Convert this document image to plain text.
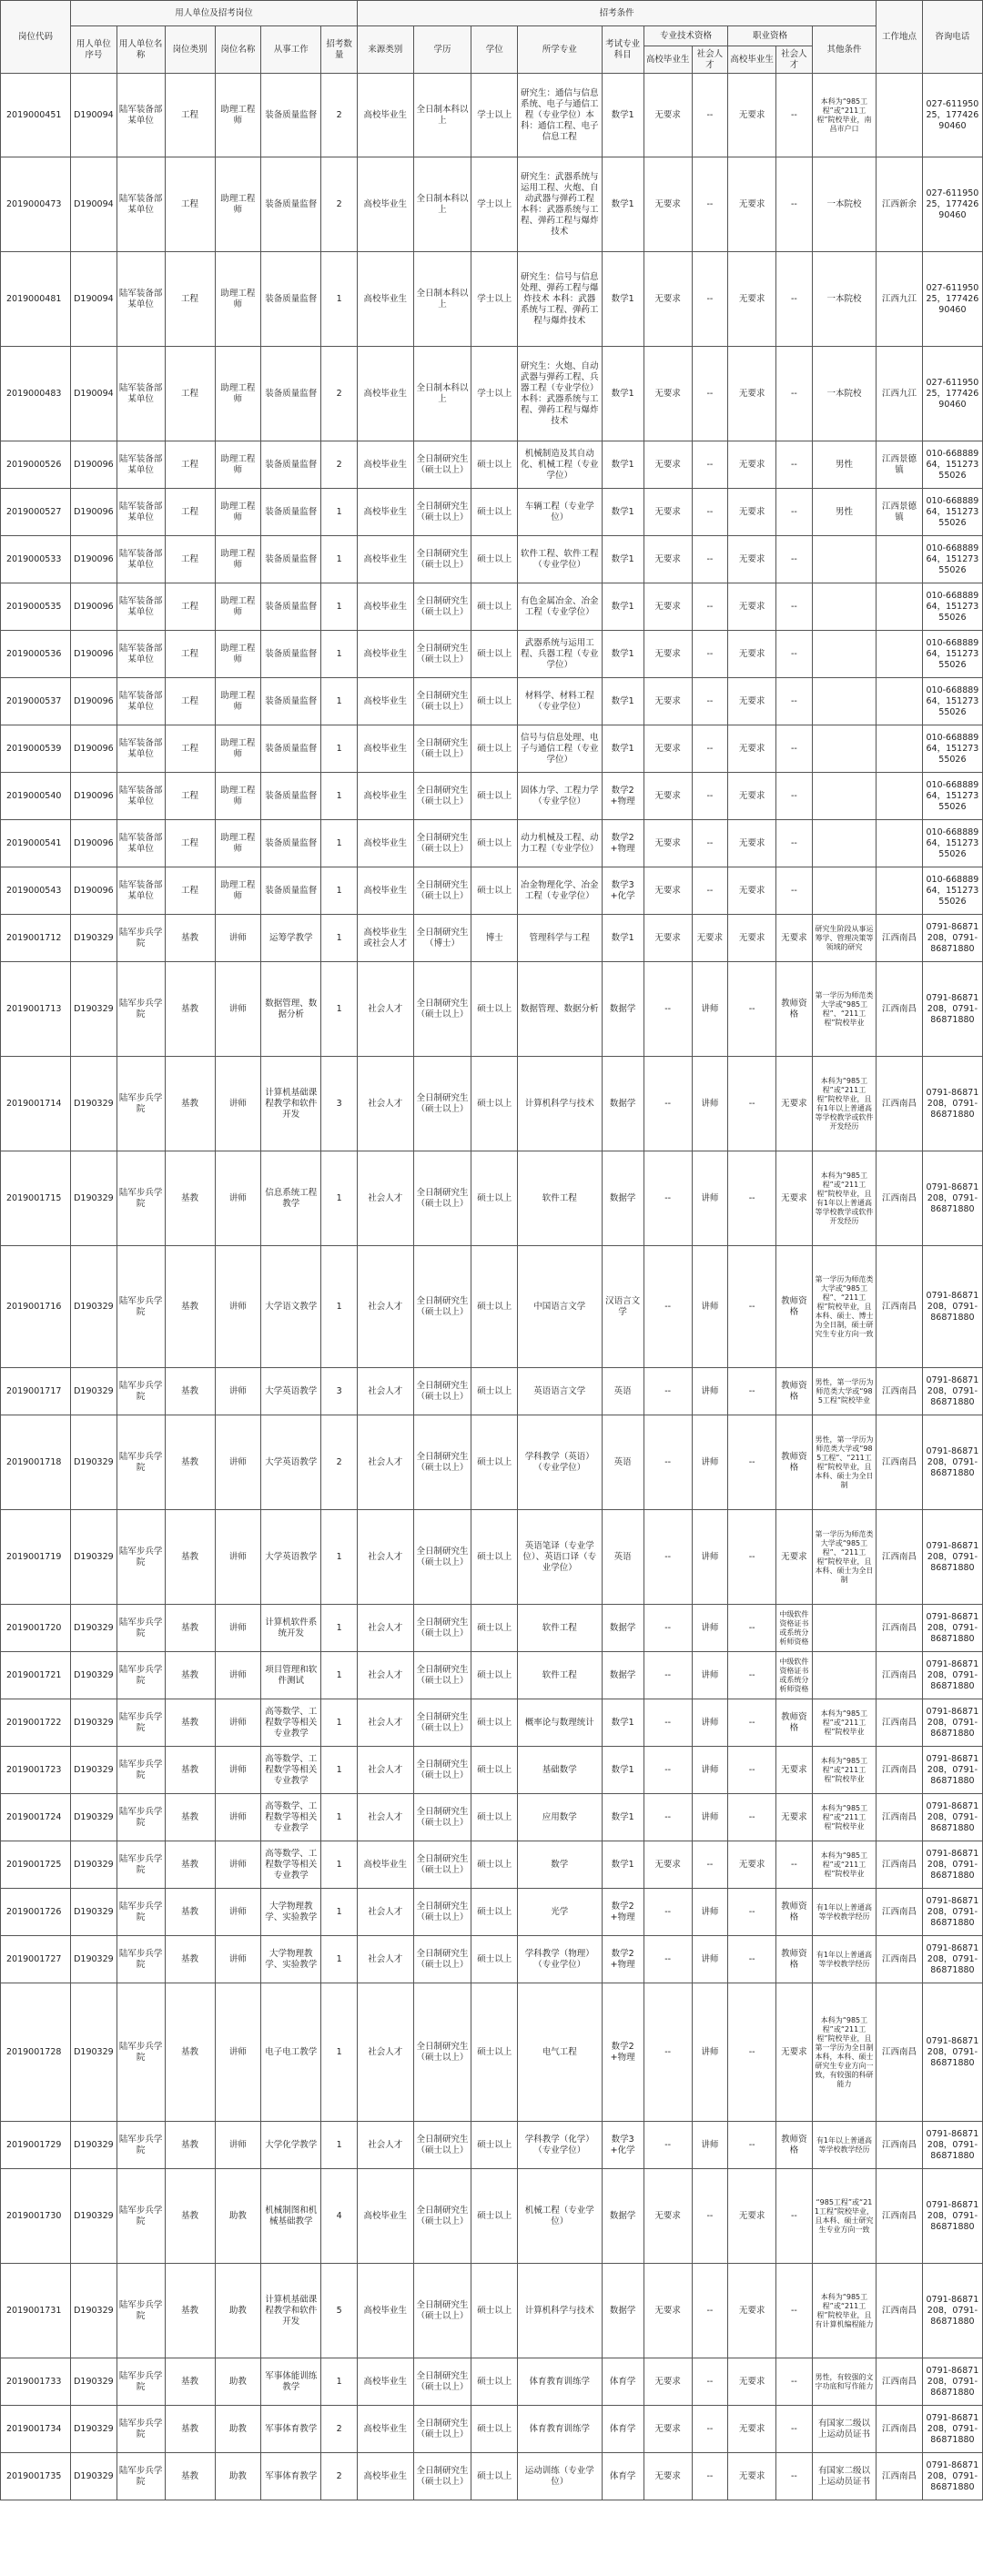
岗位代码	用人单位及招考岗位						招考条件										工作地点	咨询电话
	用人单位序号	用人单位名称	岗位类别	岗位名称	从事工作	招考数量	来源类别	学历	学位	所学专业	考试专业科目	专业技术资格		职业资格		其他条件		
												高校毕业生	社会人才	高校毕业生	社会人才			
2019000451	D190094	陆军装备部某单位	工程	助理工程师	装备质量监督	2	高校毕业生	全日制本科以上	学士以上	研究生：通信与信息系统、电子与通信工程（专业学位）本科：通信工程、电子信息工程	数学1	无要求	--	无要求	--	本科为“985工程”或“211工程”院校毕业，南昌市户口		027-61195025，17742690460
2019000473	D190094	陆军装备部某单位	工程	助理工程师	装备质量监督	2	高校毕业生	全日制本科以上	学士以上	研究生：武器系统与运用工程、火炮、自动武器与弹药工程 本科：武器系统与工程、弹药工程与爆炸技术	数学1	无要求	--	无要求	--	一本院校	江西新余	027-61195025，17742690460
2019000481	D190094	陆军装备部某单位	工程	助理工程师	装备质量监督	1	高校毕业生	全日制本科以上	学士以上	研究生：信号与信息处理、弹药工程与爆炸技术 本科：武器系统与工程、弹药工程与爆炸技术	数学1	无要求	--	无要求	--	一本院校	江西九江	027-61195025，17742690460
2019000483	D190094	陆军装备部某单位	工程	助理工程师	装备质量监督	2	高校毕业生	全日制本科以上	学士以上	研究生：火炮、自动武器与弹药工程、兵器工程（专业学位）本科：武器系统与工程、弹药工程与爆炸技术	数学1	无要求	--	无要求	--	一本院校	江西九江	027-61195025，17742690460
2019000526	D190096	陆军装备部某单位	工程	助理工程师	装备质量监督	2	高校毕业生	全日制研究生（硕士以上）	硕士以上	机械制造及其自动化、机械工程（专业学位）	数学1	无要求	--	无要求	--	男性	江西景德镇	010-66888964，15127355026
2019000527	D190096	陆军装备部某单位	工程	助理工程师	装备质量监督	1	高校毕业生	全日制研究生（硕士以上）	硕士以上	车辆工程（专业学位）	数学1	无要求	--	无要求	--	男性	江西景德镇	010-66888964，15127355026
2019000533	D190096	陆军装备部某单位	工程	助理工程师	装备质量监督	1	高校毕业生	全日制研究生（硕士以上）	硕士以上	软件工程、软件工程（专业学位）	数学1	无要求	--	无要求	--			010-66888964，15127355026
2019000535	D190096	陆军装备部某单位	工程	助理工程师	装备质量监督	1	高校毕业生	全日制研究生（硕士以上）	硕士以上	有色金属冶金、冶金工程（专业学位）	数学1	无要求	--	无要求	--			010-66888964，15127355026
2019000536	D190096	陆军装备部某单位	工程	助理工程师	装备质量监督	1	高校毕业生	全日制研究生（硕士以上）	硕士以上	武器系统与运用工程、兵器工程（专业学位）	数学1	无要求	--	无要求	--			010-66888964，15127355026
2019000537	D190096	陆军装备部某单位	工程	助理工程师	装备质量监督	1	高校毕业生	全日制研究生（硕士以上）	硕士以上	材料学、材料工程（专业学位）	数学1	无要求	--	无要求	--			010-66888964，15127355026
2019000539	D190096	陆军装备部某单位	工程	助理工程师	装备质量监督	1	高校毕业生	全日制研究生（硕士以上）	硕士以上	信号与信息处理、电子与通信工程（专业学位）	数学1	无要求	--	无要求	--			010-66888964，15127355026
2019000540	D190096	陆军装备部某单位	工程	助理工程师	装备质量监督	1	高校毕业生	全日制研究生（硕士以上）	硕士以上	固体力学、工程力学（专业学位）	数学2+物理	无要求	--	无要求	--			010-66888964，15127355026
2019000541	D190096	陆军装备部某单位	工程	助理工程师	装备质量监督	1	高校毕业生	全日制研究生（硕士以上）	硕士以上	动力机械及工程、动力工程（专业学位）	数学2+物理	无要求	--	无要求	--			010-66888964，15127355026
2019000543	D190096	陆军装备部某单位	工程	助理工程师	装备质量监督	1	高校毕业生	全日制研究生（硕士以上）	硕士以上	冶金物理化学、冶金工程（专业学位）	数学3+化学	无要求	--	无要求	--			010-66888964，15127355026
2019001712	D190329	陆军步兵学院	基教	讲师	运筹学教学	1	高校毕业生或社会人才	全日制研究生（博士）	博士	管理科学与工程	数学1	无要求	无要求	无要求	无要求	研究生阶段从事运筹学、管理决策等领域的研究	江西南昌	0791-86871208，0791-86871880
2019001713	D190329	陆军步兵学院	基教	讲师	数据管理、数据分析	1	社会人才	全日制研究生（硕士以上）	硕士以上	数据管理、数据分析	数据学	--	讲师	--	教师资格	第一学历为师范类大学或“985工程”、“211工程”院校毕业	江西南昌	0791-86871208，0791-86871880
2019001714	D190329	陆军步兵学院	基教	讲师	计算机基础课程教学和软件开发	3	社会人才	全日制研究生（硕士以上）	硕士以上	计算机科学与技术	数据学	--	讲师	--	无要求	本科为“985工程”或“211工程”院校毕业，且有1年以上普通高等学校教学或软件开发经历	江西南昌	0791-86871208，0791-86871880
2019001715	D190329	陆军步兵学院	基教	讲师	信息系统工程教学	1	社会人才	全日制研究生（硕士以上）	硕士以上	软件工程	数据学	--	讲师	--	无要求	本科为“985工程”或“211工程”院校毕业，且有1年以上普通高等学校教学或软件开发经历	江西南昌	0791-86871208，0791-86871880
2019001716	D190329	陆军步兵学院	基教	讲师	大学语文教学	1	社会人才	全日制研究生（硕士以上）	硕士以上	中国语言文学	汉语言文学	--	讲师	--	教师资格	第一学历为师范类大学或“985工程”、“211工程”院校毕业，且本科、硕士、博士为全日制，硕士研究生专业方向一致	江西南昌	0791-86871208，0791-86871880
2019001717	D190329	陆军步兵学院	基教	讲师	大学英语教学	3	社会人才	全日制研究生（硕士以上）	硕士以上	英语语言文学	英语	--	讲师	--	教师资格	男性，第一学历为师范类大学或“985工程”院校毕业	江西南昌	0791-86871208，0791-86871880
2019001718	D190329	陆军步兵学院	基教	讲师	大学英语教学	2	社会人才	全日制研究生（硕士以上）	硕士以上	学科教学（英语）（专业学位）	英语	--	讲师	--	教师资格	男性，第一学历为师范类大学或“985工程”、“211工程”院校毕业，且本科、硕士为全日制	江西南昌	0791-86871208，0791-86871880
2019001719	D190329	陆军步兵学院	基教	讲师	大学英语教学	1	社会人才	全日制研究生（硕士以上）	硕士以上	英语笔译（专业学位）、英语口译（专业学位）	英语	--	讲师	--	无要求	第一学历为师范类大学或“985工程”、“211工程”院校毕业，且本科、硕士为全日制	江西南昌	0791-86871208，0791-86871880
2019001720	D190329	陆军步兵学院	基教	讲师	计算机软件系统开发	1	社会人才	全日制研究生（硕士以上）	硕士以上	软件工程	数据学	--	讲师	--	中级软件资格证书或系统分析师资格		江西南昌	0791-86871208，0791-86871880
2019001721	D190329	陆军步兵学院	基教	讲师	项目管理和软件测试	1	社会人才	全日制研究生（硕士以上）	硕士以上	软件工程	数据学	--	讲师	--	中级软件资格证书或系统分析师资格		江西南昌	0791-86871208，0791-86871880
2019001722	D190329	陆军步兵学院	基教	讲师	高等数学、工程数学等相关专业教学	1	社会人才	全日制研究生（硕士以上）	硕士以上	概率论与数理统计	数学1	--	讲师	--	教师资格	本科为“985工程”或“211工程”院校毕业	江西南昌	0791-86871208，0791-86871880
2019001723	D190329	陆军步兵学院	基教	讲师	高等数学、工程数学等相关专业教学	1	社会人才	全日制研究生（硕士以上）	硕士以上	基础数学	数学1	--	讲师	--	无要求	本科为“985工程”或“211工程”院校毕业	江西南昌	0791-86871208，0791-86871880
2019001724	D190329	陆军步兵学院	基教	讲师	高等数学、工程数学等相关专业教学	1	社会人才	全日制研究生（硕士以上）	硕士以上	应用数学	数学1	--	讲师	--	无要求	本科为“985工程”或“211工程”院校毕业	江西南昌	0791-86871208，0791-86871880
2019001725	D190329	陆军步兵学院	基教	讲师	高等数学、工程数学等相关专业教学	1	高校毕业生	全日制研究生（硕士以上）	硕士以上	数学	数学1	无要求	--	无要求	--	本科为“985工程”或“211工程”院校毕业	江西南昌	0791-86871208，0791-86871880
2019001726	D190329	陆军步兵学院	基教	讲师	大学物理教学、实验教学	1	社会人才	全日制研究生（硕士以上）	硕士以上	光学	数学2+物理	--	讲师	--	教师资格	有1年以上普通高等学校教学经历	江西南昌	0791-86871208，0791-86871880
2019001727	D190329	陆军步兵学院	基教	讲师	大学物理教学、实验教学	1	社会人才	全日制研究生（硕士以上）	硕士以上	学科教学（物理）（专业学位）	数学2+物理	--	讲师	--	教师资格	有1年以上普通高等学校教学经历	江西南昌	0791-86871208，0791-86871880
2019001728	D190329	陆军步兵学院	基教	讲师	电子电工教学	1	社会人才	全日制研究生（硕士以上）	硕士以上	电气工程	数学2+物理	--	讲师	--	无要求	本科为“985工程”或“211工程”院校毕业，且第一学历为全日制本科，本科、硕士研究生专业方向一致，有较强的科研能力	江西南昌	0791-86871208，0791-86871880
2019001729	D190329	陆军步兵学院	基教	讲师	大学化学教学	1	社会人才	全日制研究生（硕士以上）	硕士以上	学科教学（化学）（专业学位）	数学3+化学	--	讲师	--	教师资格	有1年以上普通高等学校教学经历	江西南昌	0791-86871208，0791-86871880
2019001730	D190329	陆军步兵学院	基教	助教	机械制图和机械基础教学	4	高校毕业生	全日制研究生（硕士以上）	硕士以上	机械工程（专业学位）	数据学	无要求	--	无要求	--	“985工程”或“211工程”院校毕业，且本科、硕士研究生专业方向一致	江西南昌	0791-86871208，0791-86871880
2019001731	D190329	陆军步兵学院	基教	助教	计算机基础课程教学和软件开发	5	高校毕业生	全日制研究生（硕士以上）	硕士以上	计算机科学与技术	数据学	无要求	--	无要求	--	本科为“985工程”或“211工程”院校毕业，且有计算机编程能力	江西南昌	0791-86871208，0791-86871880
2019001733	D190329	陆军步兵学院	基教	助教	军事体能训练教学	1	高校毕业生	全日制研究生（硕士以上）	硕士以上	体育教育训练学	体育学	无要求	--	无要求	--	男性，有较强的文字功底和写作能力	江西南昌	0791-86871208，0791-86871880
2019001734	D190329	陆军步兵学院	基教	助教	军事体育教学	2	高校毕业生	全日制研究生（硕士以上）	硕士以上	体育教育训练学	体育学	无要求	--	无要求	--	有国家二级以上运动员证书	江西南昌	0791-86871208，0791-86871880
2019001735	D190329	陆军步兵学院	基教	助教	军事体育教学	2	高校毕业生	全日制研究生（硕士以上）	硕士以上	运动训练（专业学位）	体育学	无要求	--	无要求	--	有国家二级以上运动员证书	江西南昌	0791-86871208，0791-86871880
